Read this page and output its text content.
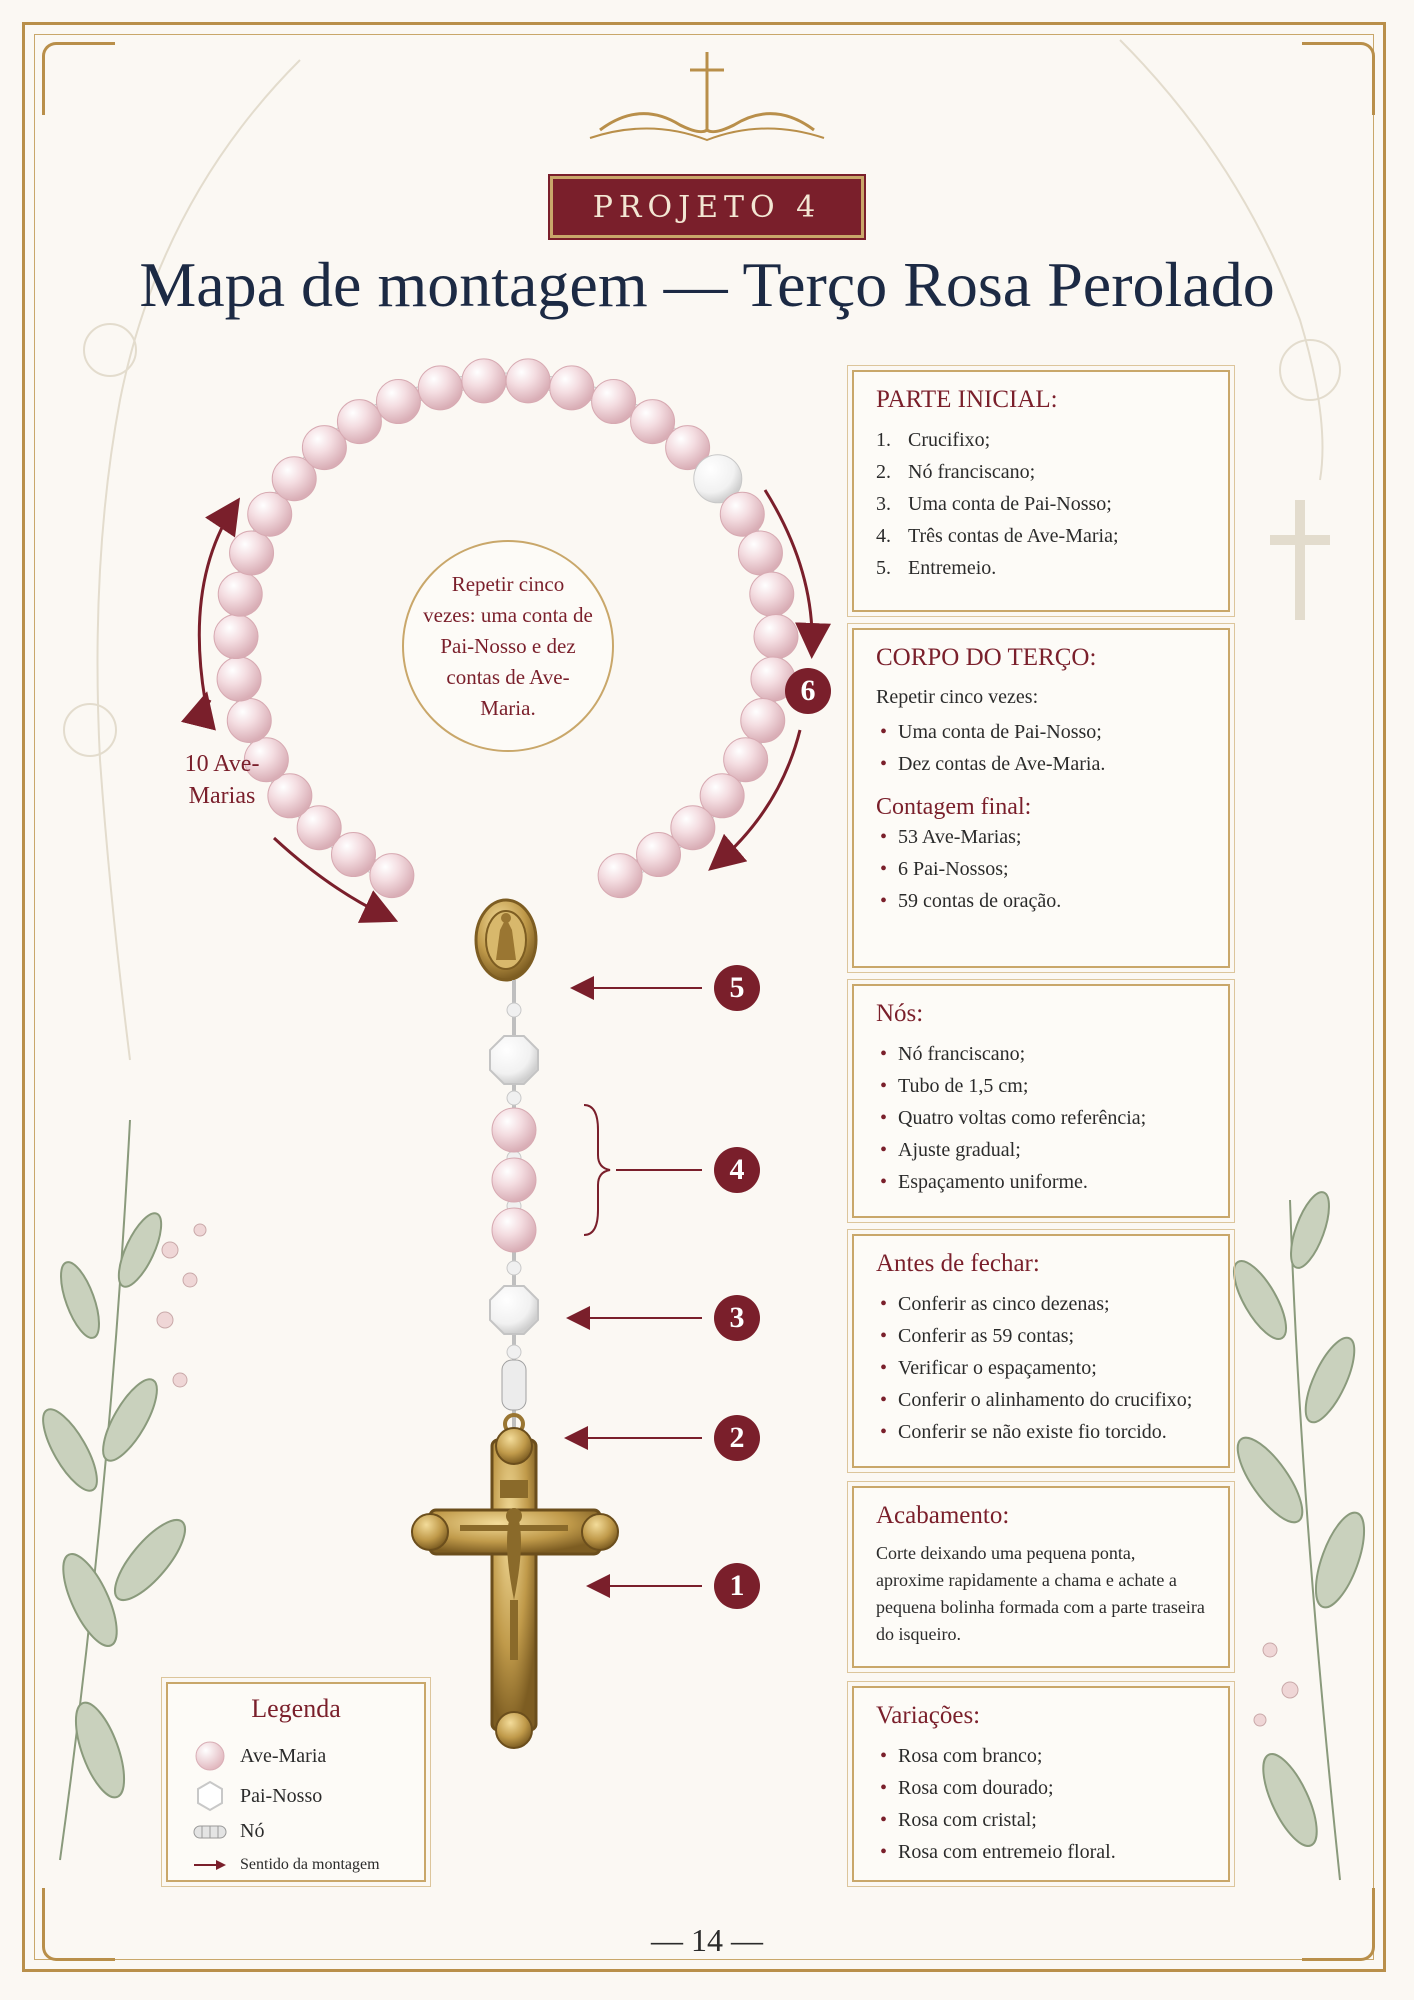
PROJETO 4
Mapa de montagem — Terço Rosa Perolado
Repetir cinco vezes: uma conta de Pai-Nosso e dez contas de Ave-Maria.
10 Ave-Marias
6
5
4
3
2
1
PARTE INICIAL:
1. Crucifixo;
2. Nó franciscano;
3. Uma conta de Pai-Nosso;
4. Três contas de Ave-Maria;
5. Entremeio.
CORPO DO TERÇO:

Repetir cinco vezes:

• Uma conta de Pai-Nosso;
• Dez contas de Ave-Maria.
Contagem final:
• 53 Ave-Marias;
• 6 Pai-Nossos;
• 59 contas de oração.
Nós:
• Nó franciscano;
• Tubo de 1,5 cm;
• Quatro voltas como referência;
• Ajuste gradual;
• Espaçamento uniforme.
Antes de fechar:
• Conferir as cinco dezenas;
• Conferir as 59 contas;
• Verificar o espaçamento;
• Conferir o alinhamento do crucifixo;
• Conferir se não existe fio torcido.
Acabamento:

Corte deixando uma pequena ponta, aproxime rapidamente a chama e achate a pequena bolinha formada com a parte traseira do isqueiro.

Variações:
• Rosa com branco;
• Rosa com dourado;
• Rosa com cristal;
• Rosa com entremeio floral.
Legenda
Ave-Maria
Pai-Nosso
Nó
Sentido da montagem
— 14 —
